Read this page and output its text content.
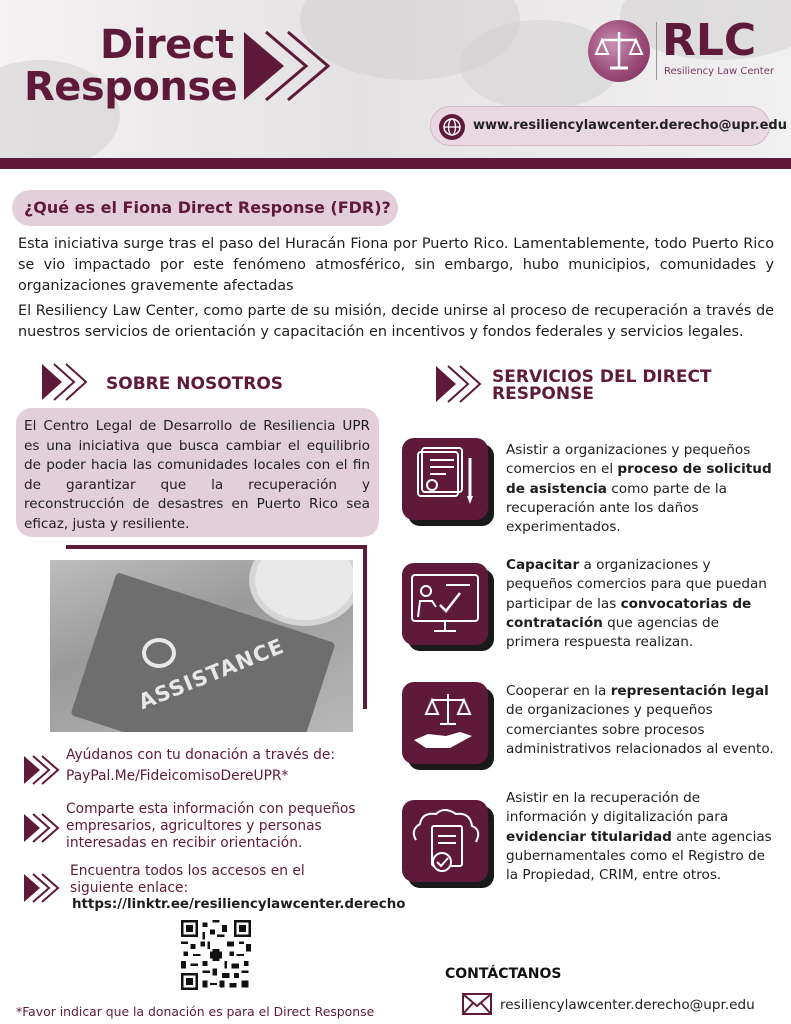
Direct
Response
RLC
Resiliency Law Center
www.resiliencylawcenter.derecho@upr.edu
¿Qué es el Fiona Direct Response (FDR)?

Esta iniciativa surge tras el paso del Huracán Fiona por Puerto Rico. Lamentablemente, todo Puerto Rico se vio impactado por este fenómeno atmosférico, sin embargo, hubo municipios, comunidades y organizaciones gravemente afectadas

El Resiliency Law Center, como parte de su misión, decide unirse al proceso de recuperación a través de nuestros servicios de orientación y capacitación en incentivos y fondos federales y servicios legales.

SOBRE NOSOTROS

El Centro Legal de Desarrollo de Resiliencia UPR es una iniciativa que busca cambiar el equilibrio de poder hacia las comunidades locales con el fin de garantizar que la recuperación y reconstrucción de desastres en Puerto Rico sea eficaz, justa y resiliente.

ASSISTANCE
Ayúdanos con tu donación a través de:
PayPal.Me/FideicomisoDereUPR*
Comparte esta información con pequeños empresarios, agricultores y personas interesadas en recibir orientación.
Encuentra todos los accesos en el siguiente enlace:
https://linktr.ee/resiliencylawcenter.derecho
*Favor indicar que la donación es para el Direct Response
SERVICIOS DEL DIRECT
RESPONSE

Asistir a organizaciones y pequeños comercios en el proceso de solicitud de asistencia como parte de la recuperación ante los daños experimentados.

Capacitar a organizaciones y pequeños comercios para que puedan participar de las convocatorias de contratación que agencias de primera respuesta realizan.

Cooperar en la representación legal de organizaciones y pequeños comerciantes sobre procesos administrativos relacionados al evento.

Asistir en la recuperación de información y digitalización para evidenciar titularidad ante agencias gubernamentales como el Registro de la Propiedad, CRIM, entre otros.

CONTÁCTANOS
resiliencylawcenter.derecho@upr.edu
